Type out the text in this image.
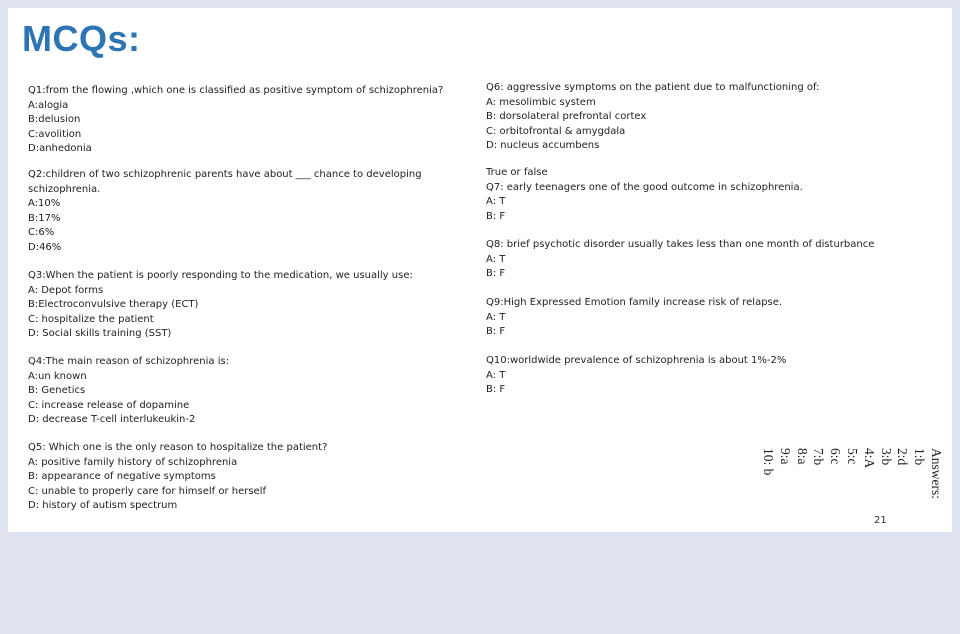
MCQs:
Q1:from the flowing ,which one is classified as positive symptom of schizophrenia?
A:alogia
B:delusion
C:avolition
D:anhedonia
Q2:children of two schizophrenic parents have about ___ chance to developing schizophrenia.
A:10%
B:17%
C:6%
D:46%
Q3:When the patient is poorly responding to the medication, we usually use:
A: Depot forms
B:Electroconvulsive therapy (ECT)
C: hospitalize the patient
D: Social skills training (SST)
Q4:The main reason of schizophrenia is:
A:un known
B: Genetics
C: increase release of dopamine
D: decrease T-cell interlukeukin-2
Q5: Which one is the only reason to hospitalize the patient?
A: positive family history of schizophrenia
B: appearance of negative symptoms
C: unable to properly care for himself or herself
D: history of autism spectrum
Q6: aggressive symptoms on the patient due to malfunctioning of:
A: mesolimbic system
B: dorsolateral prefrontal cortex
C: orbitofrontal & amygdala
D: nucleus accumbens
True or false
Q7: early teenagers one of the good outcome in schizophrenia.
A: T
B: F
Q8: brief psychotic disorder usually takes less than one month of disturbance
A: T
B: F
Q9:High Expressed Emotion family increase risk of relapse.
A: T
B: F
Q10:worldwide prevalence of schizophrenia is about 1%-2%
A: T
B: F
Answers:
1:b
2:d
3:b
4:A
5:c
6:c
7:b
8:a
9:a
10: b
21
